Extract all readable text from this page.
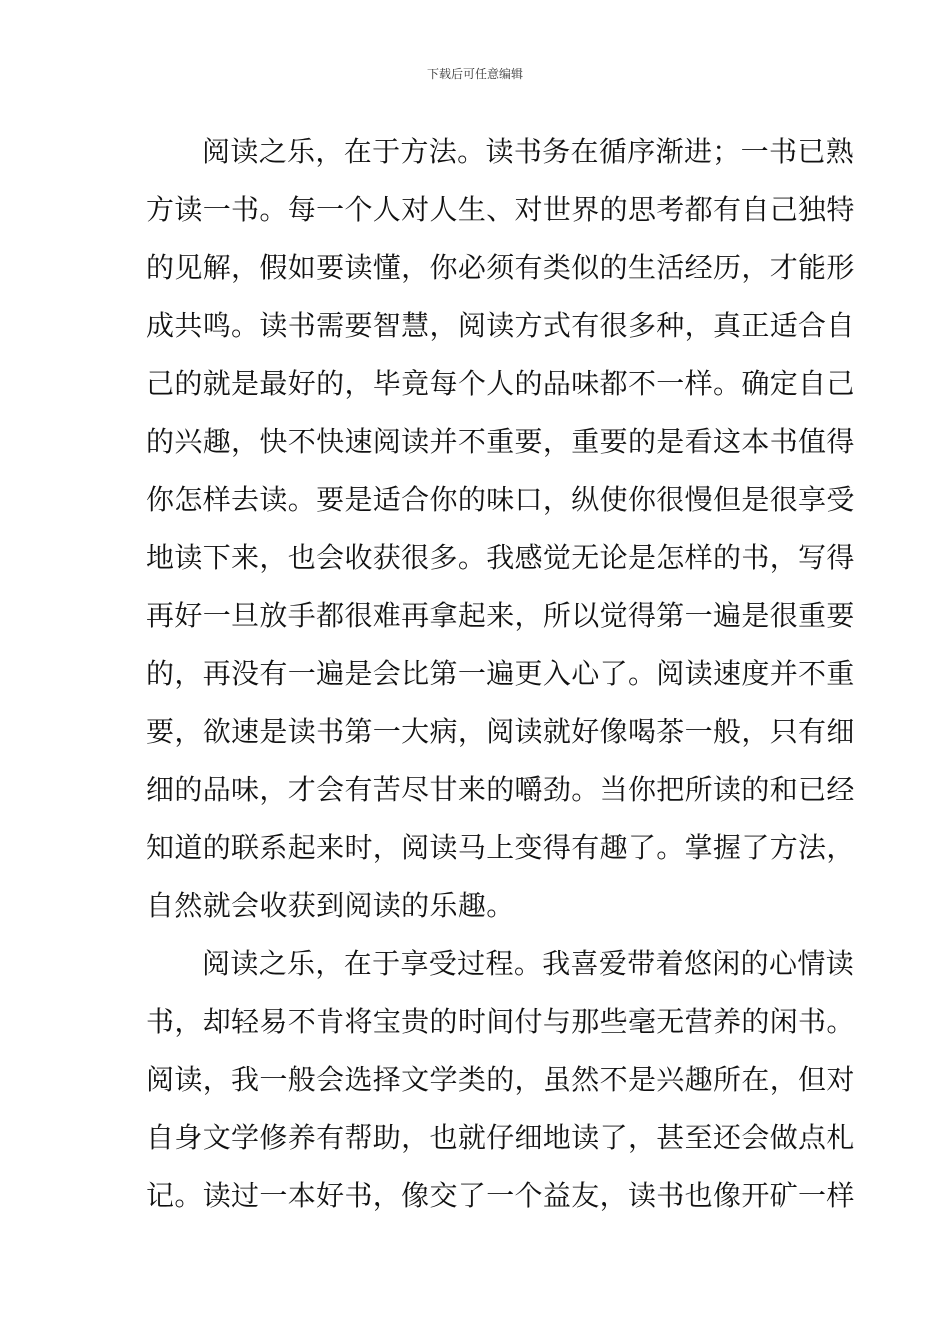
下载后可任意编辑
阅读之乐，在于方法。读书务在循序渐进；一书已熟
方读一书。每一个人对人生、对世界的思考都有自己独特
的见解，假如要读懂，你必须有类似的生活经历，才能形
成共鸣。读书需要智慧，阅读方式有很多种，真正适合自
己的就是最好的，毕竟每个人的品味都不一样。确定自己
的兴趣，快不快速阅读并不重要，重要的是看这本书值得
你怎样去读。要是适合你的味口，纵使你很慢但是很享受
地读下来，也会收获很多。我感觉无论是怎样的书，写得
再好一旦放手都很难再拿起来，所以觉得第一遍是很重要
的，再没有一遍是会比第一遍更入心了。阅读速度并不重
要，欲速是读书第一大病，阅读就好像喝茶一般，只有细
细的品味，才会有苦尽甘来的嚼劲。当你把所读的和已经
知道的联系起来时，阅读马上变得有趣了。掌握了方法，
自然就会收获到阅读的乐趣。
阅读之乐，在于享受过程。我喜爱带着悠闲的心情读
书，却轻易不肯将宝贵的时间付与那些毫无营养的闲书。
阅读，我一般会选择文学类的，虽然不是兴趣所在，但对
自身文学修养有帮助，也就仔细地读了，甚至还会做点札
记。读过一本好书，像交了一个益友，读书也像开矿一样
